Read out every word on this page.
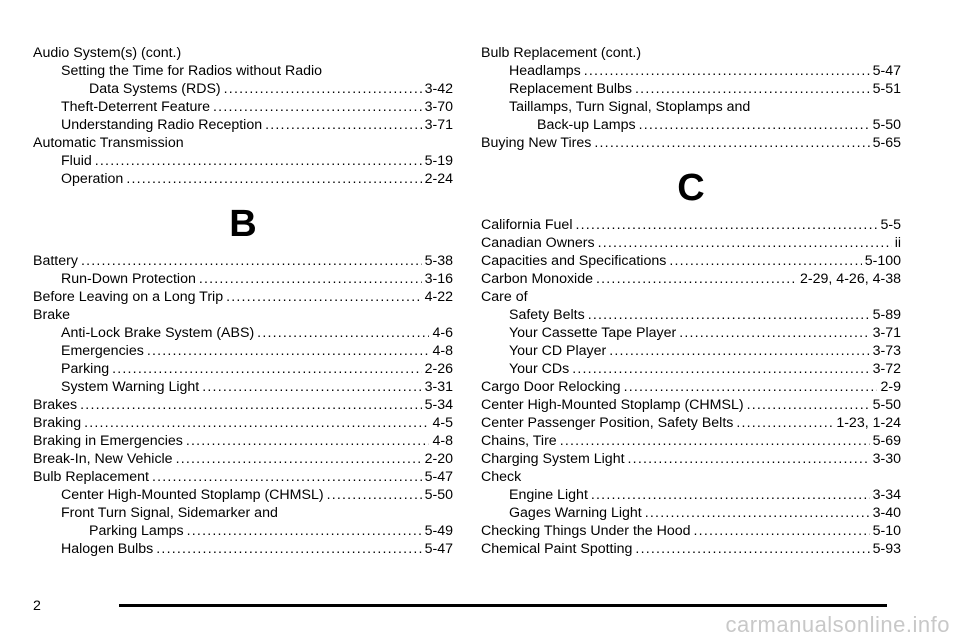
Audio System(s) (cont.)
Setting the Time for Radios without Radio
Data Systems (RDS) .....	3-42
Theft-Deterrent Feature .....	3-70
Understanding Radio Reception .....	3-71
Automatic Transmission
Fluid .....	5-19
Operation .....	2-24
B
Battery .....	5-38
Run-Down Protection .....	3-16
Before Leaving on a Long Trip .....	4-22
Brake
Anti-Lock Brake System (ABS) .....	4-6
Emergencies .....	4-8
Parking .....	2-26
System Warning Light .....	3-31
Brakes .....	5-34
Braking .....	4-5
Braking in Emergencies .....	4-8
Break-In, New Vehicle .....	2-20
Bulb Replacement .....	5-47
Center High-Mounted Stoplamp (CHMSL) .....	5-50
Front Turn Signal, Sidemarker and
Parking Lamps .....	5-49
Halogen Bulbs .....	5-47
Bulb Replacement (cont.)
Headlamps .....	5-47
Replacement Bulbs .....	5-51
Taillamps, Turn Signal, Stoplamps and
Back-up Lamps .....	5-50
Buying New Tires .....	5-65
C
California Fuel .....	5-5
Canadian Owners .....	ii
Capacities and Specifications .....	5-100
Carbon Monoxide .....	2-29, 4-26, 4-38
Care of
Safety Belts .....	5-89
Your Cassette Tape Player .....	3-71
Your CD Player .....	3-73
Your CDs .....	3-72
Cargo Door Relocking .....	2-9
Center High-Mounted Stoplamp (CHMSL) .....	5-50
Center Passenger Position, Safety Belts .....	1-23, 1-24
Chains, Tire .....	5-69
Charging System Light .....	3-30
Check
Engine Light .....	3-34
Gages Warning Light .....	3-40
Checking Things Under the Hood .....	5-10
Chemical Paint Spotting .....	5-93
2
carmanualsonline.info
